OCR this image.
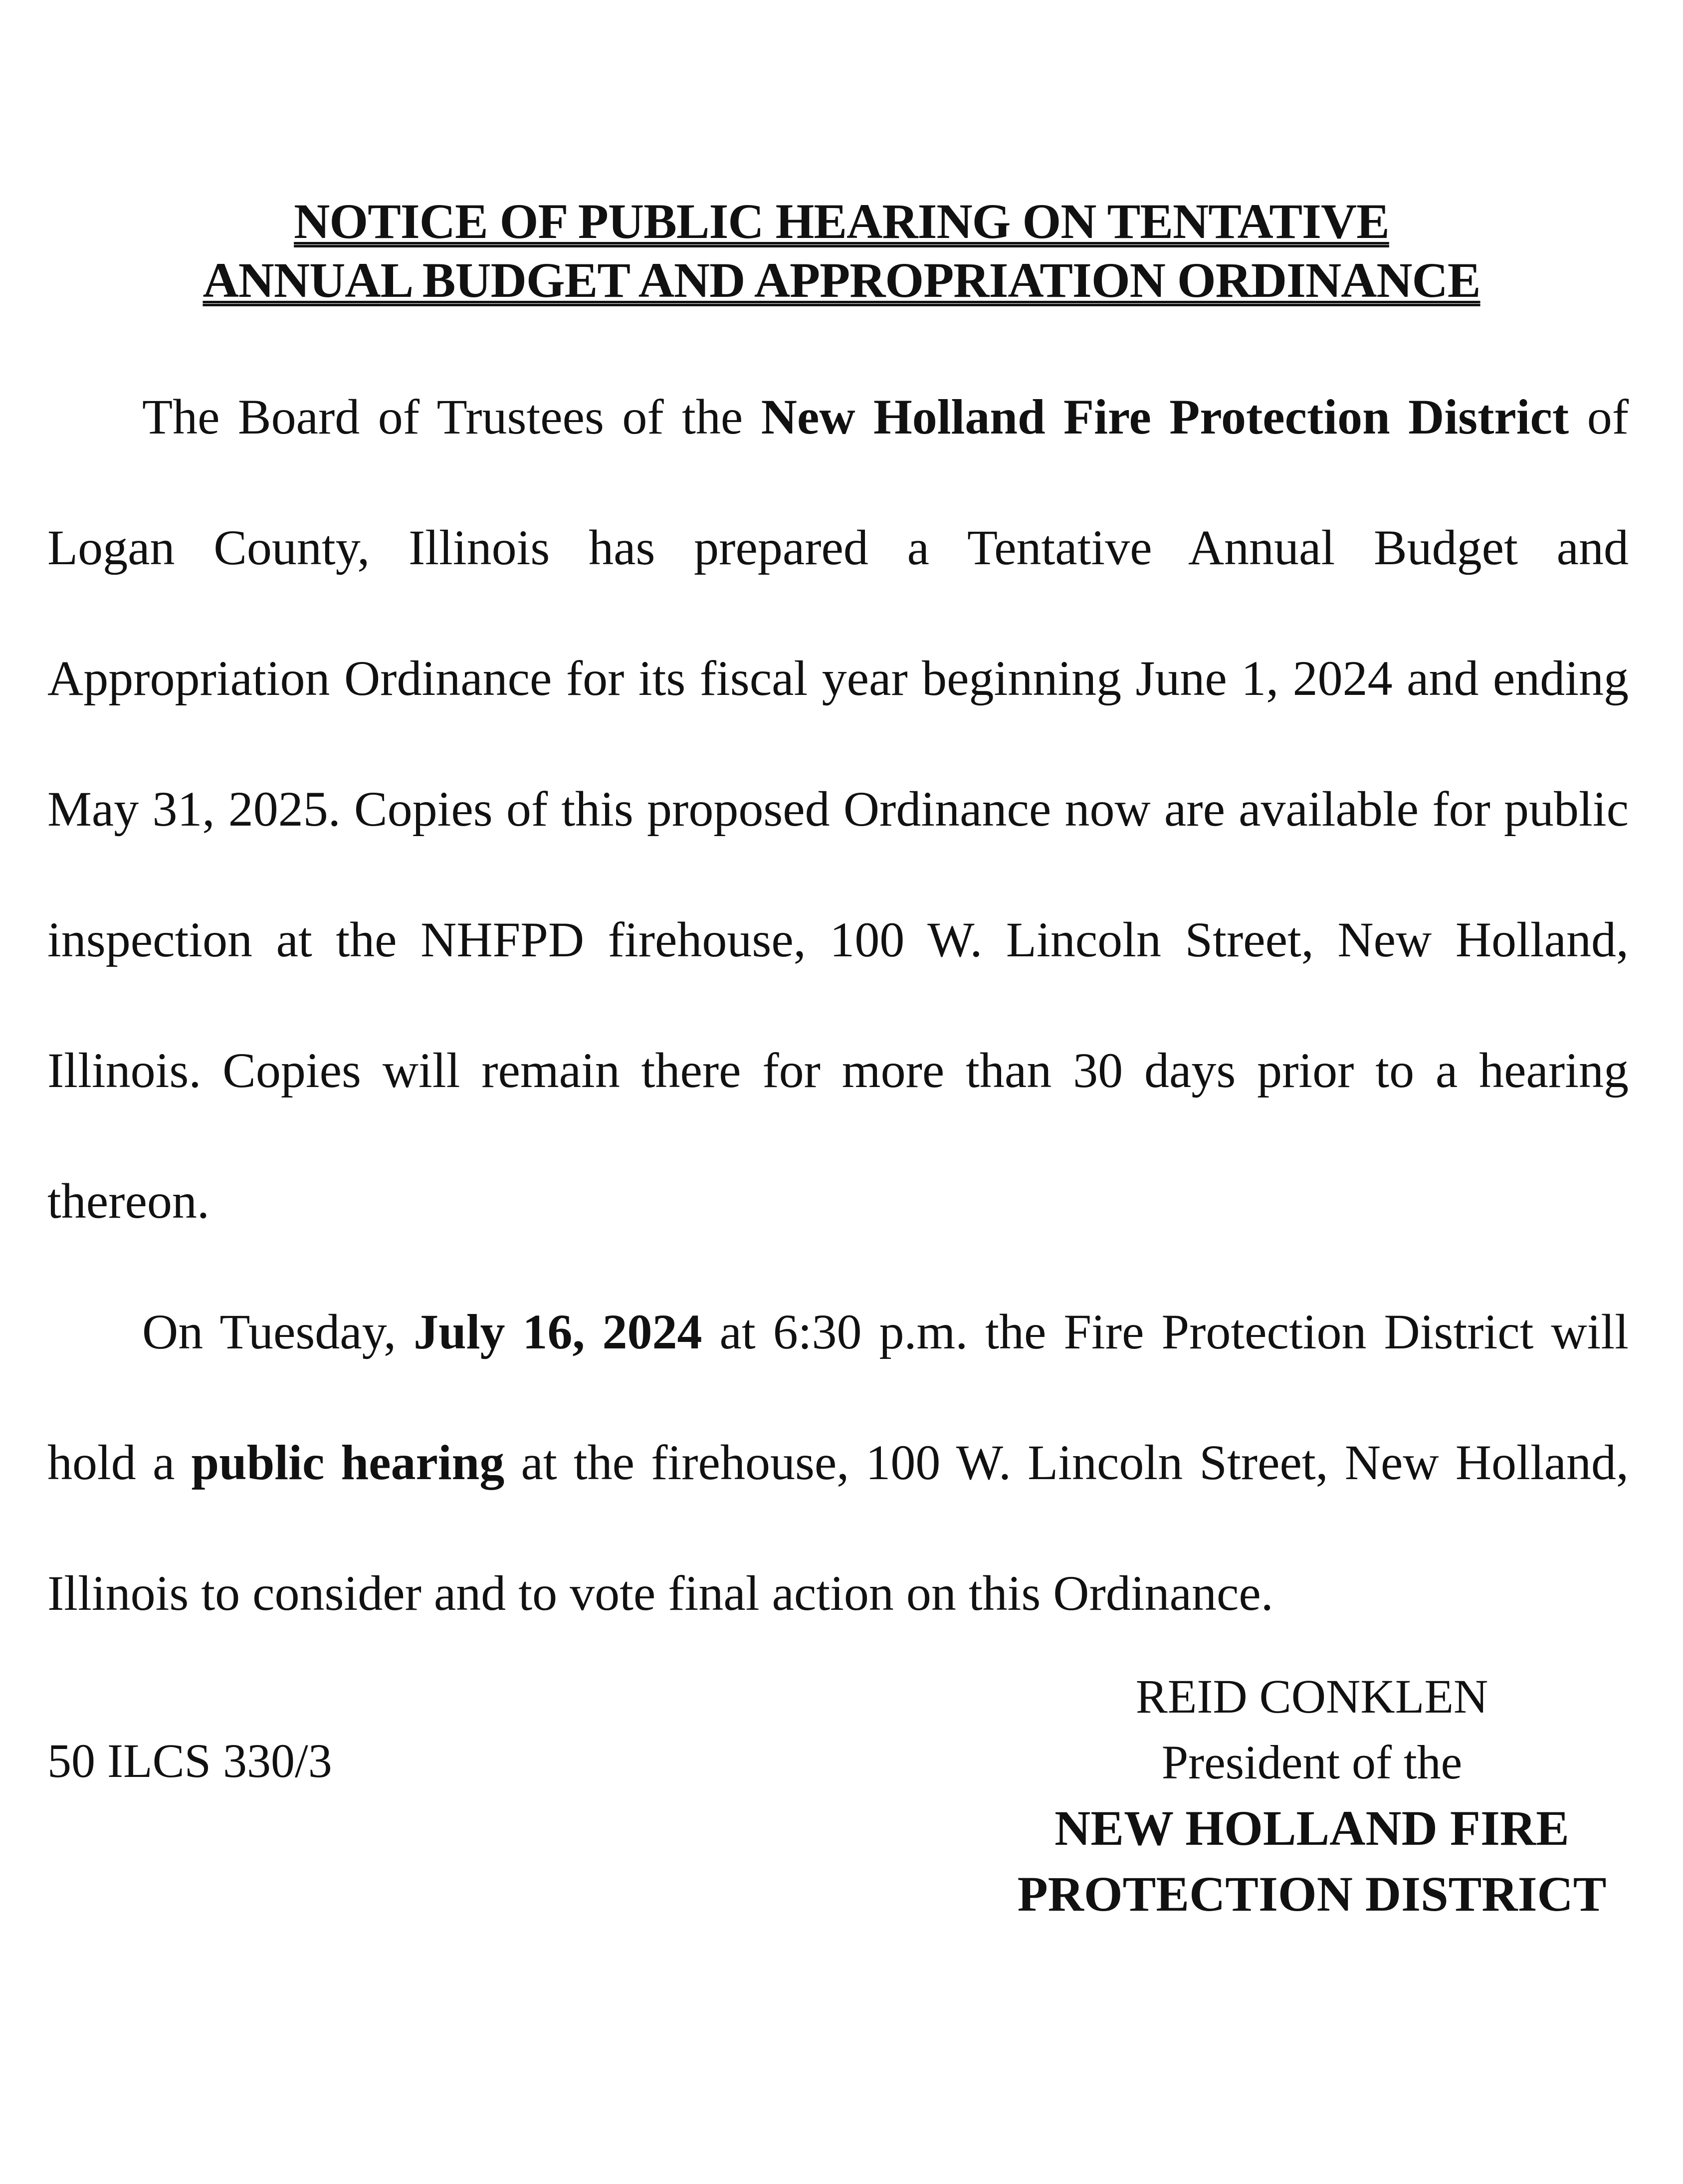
NOTICE OF PUBLIC HEARING ON TENTATIVE
ANNUAL BUDGET AND APPROPRIATION ORDINANCE

The Board of Trustees of the New Holland Fire Protection District of Logan County, Illinois has prepared a Tentative Annual Budget and Appropriation Ordinance for its fiscal year beginning June 1, 2024 and ending May 31, 2025. Copies of this proposed Ordinance now are available for public inspection at the NHFPD firehouse, 100 W. Lincoln Street, New Holland, Illinois. Copies will remain there for more than 30 days prior to a hearing thereon.

On Tuesday, July 16, 2024 at 6:30 p.m. the Fire Protection District will hold a public hearing at the firehouse, 100 W. Lincoln Street, New Holland, Illinois to consider and to vote final action on this Ordinance.

50 ILCS 330/3
REID CONKLEN
President of the
NEW HOLLAND FIRE
PROTECTION DISTRICT
